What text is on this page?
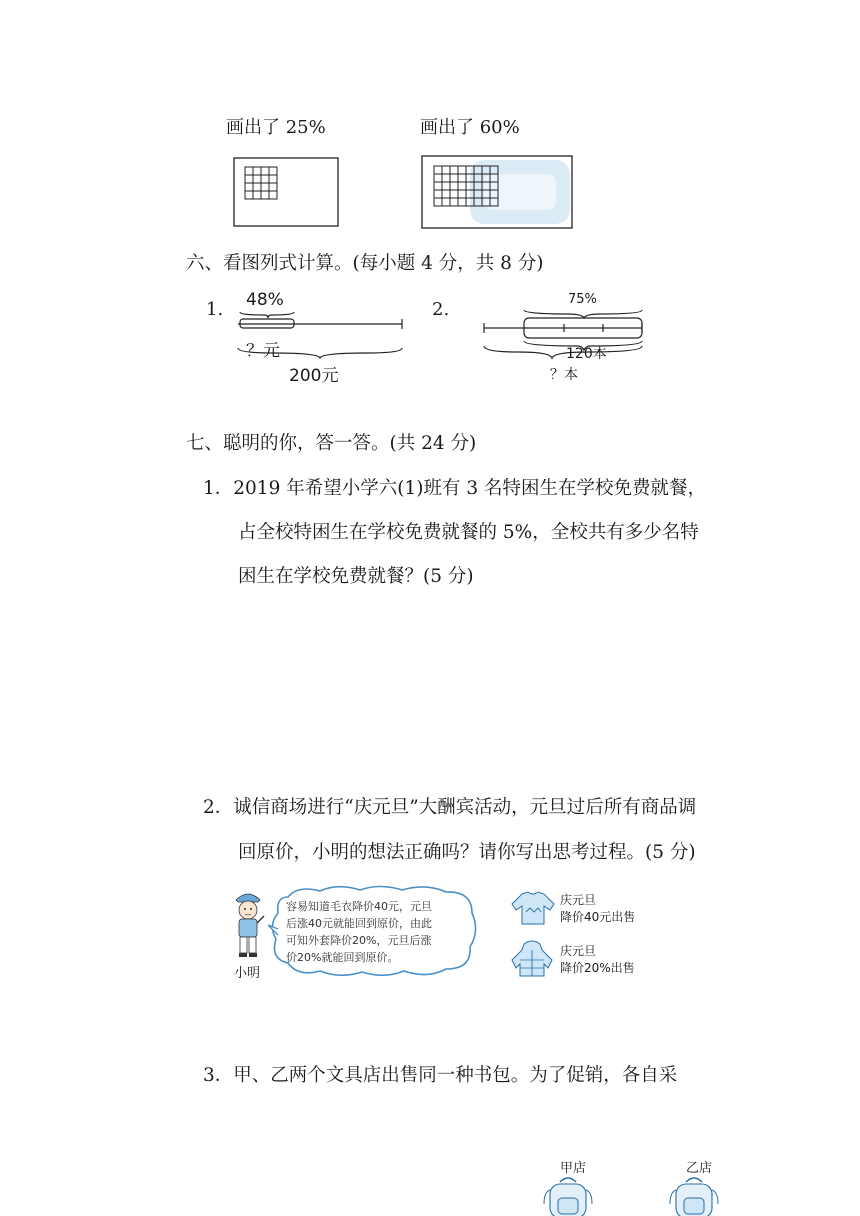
画出了 25%	画出了 60%
六、看图列式计算。(每小题 4 分，共 8 分)
1. 48%
？元
200元
2.	75%
120本
？本
七、聪明的你，答一答。(共 24 分)
1．2019 年希望小学六(1)班有 3 名特困生在学校免费就餐，
占全校特困生在学校免费就餐的 5%，全校共有多少名特
困生在学校免费就餐？(5 分)
2．诚信商场进行“庆元旦”大酬宾活动，元旦过后所有商品调
回原价，小明的想法正确吗？请你写出思考过程。(5 分)
小明
容易知道毛衣降价40元，元旦
后涨40元就能回到原价，由此
可知外套降价20%，元旦后涨
价20%就能回到原价。
庆元旦
降价40元出售
庆元旦
降价20%出售
3．甲、乙两个文具店出售同一种书包。为了促销，各自采
甲店	乙店
